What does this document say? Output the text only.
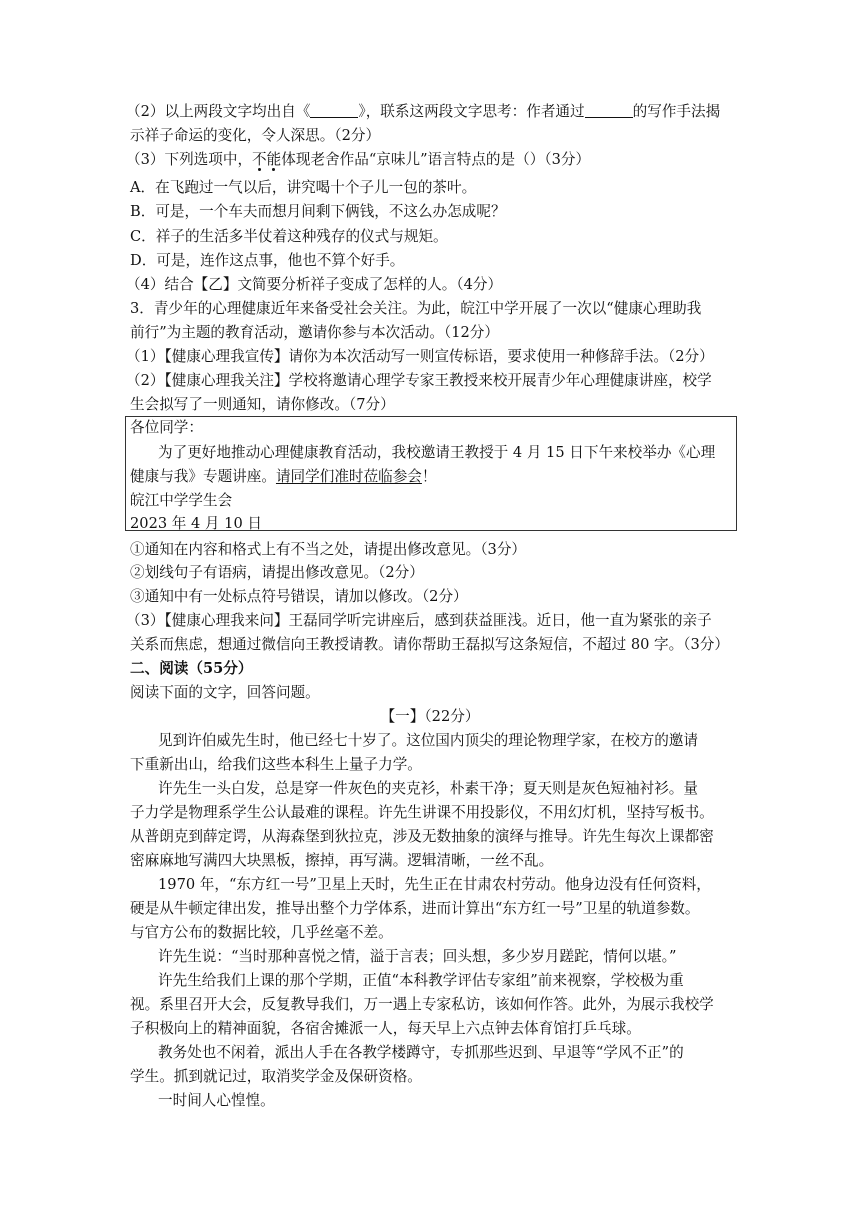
（2）以上两段文字均出自《	》，联系这两段文字思考：作者通过	的写作手法揭
示祥子命运的变化，令人深思。（2分）
（3）下列选项中，不能体现老舍作品“京味儿”语言特点的是（）（3分）
A．在飞跑过一气以后，讲究喝十个子儿一包的茶叶。
B．可是，一个车夫而想月间剩下俩钱，不这么办怎成呢？
C．祥子的生活多半仗着这种残存的仪式与规矩。
D．可是，连作这点事，他也不算个好手。
（4）结合【乙】文简要分析祥子变成了怎样的人。（4分）
3．青少年的心理健康近年来备受社会关注。为此，皖江中学开展了一次以“健康心理助我
前行”为主题的教育活动，邀请你参与本次活动。（12分）
（1）【健康心理我宣传】请你为本次活动写一则宣传标语，要求使用一种修辞手法。（2分）
（2）【健康心理我关注】学校将邀请心理学专家王教授来校开展青少年心理健康讲座，校学
生会拟写了一则通知，请你修改。（7分）
各位同学：
为了更好地推动心理健康教育活动，我校邀请王教授于 4 月 15 日下午来校举办《心理
健康与我》专题讲座。请同学们准时莅临参会！
皖江中学学生会
2023 年 4 月 10 日
①通知在内容和格式上有不当之处，请提出修改意见。（3分）
②划线句子有语病，请提出修改意见。（2分）
③通知中有一处标点符号错误，请加以修改。（2分）
（3）【健康心理我来问】王磊同学听完讲座后，感到获益匪浅。近日，他一直为紧张的亲子
关系而焦虑，想通过微信向王教授请教。请你帮助王磊拟写这条短信，不超过 80 字。（3分）
二、阅读（55分）
阅读下面的文字，回答问题。
【一】（22分）
见到许伯威先生时，他已经七十岁了。这位国内顶尖的理论物理学家，在校方的邀请
下重新出山，给我们这些本科生上量子力学。
许先生一头白发，总是穿一件灰色的夹克衫，朴素干净；夏天则是灰色短袖衬衫。量
子力学是物理系学生公认最难的课程。许先生讲课不用投影仪，不用幻灯机，坚持写板书。
从普朗克到薛定谔，从海森堡到狄拉克，涉及无数抽象的演绎与推导。许先生每次上课都密
密麻麻地写满四大块黑板，擦掉，再写满。逻辑清晰，一丝不乱。
1970 年，“东方红一号”卫星上天时，先生正在甘肃农村劳动。他身边没有任何资料，
硬是从牛顿定律出发，推导出整个力学体系，进而计算出“东方红一号”卫星的轨道参数。
与官方公布的数据比较，几乎丝毫不差。
许先生说：“当时那种喜悦之情，溢于言表；回头想，多少岁月蹉跎，情何以堪。”
许先生给我们上课的那个学期，正值“本科教学评估专家组”前来视察，学校极为重
视。系里召开大会，反复教导我们，万一遇上专家私访，该如何作答。此外，为展示我校学
子积极向上的精神面貌，各宿舍摊派一人，每天早上六点钟去体育馆打乒乓球。
教务处也不闲着，派出人手在各教学楼蹲守，专抓那些迟到、早退等“学风不正”的
学生。抓到就记过，取消奖学金及保研资格。
一时间人心惶惶。
